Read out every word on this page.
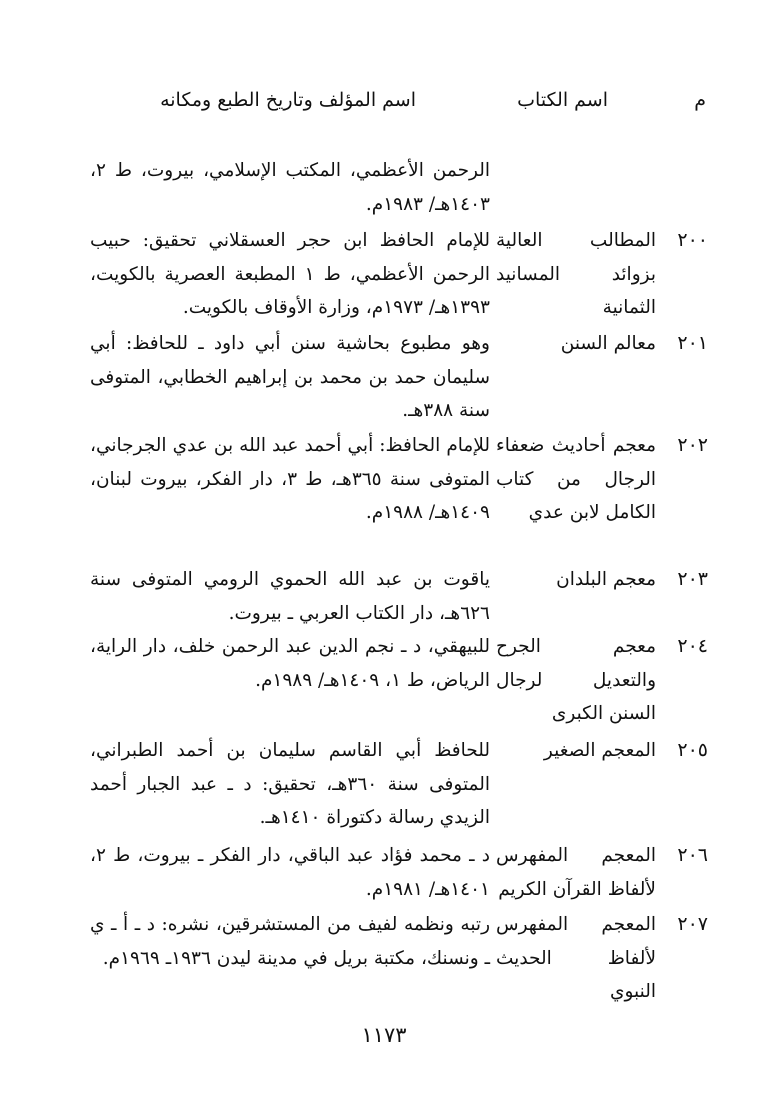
م
اسم الكتاب
اسم المؤلف وتاريخ الطبع ومكانه
الرحمن الأعظمي، المكتب الإسلامي، بيروت، ط ٢، ١٤٠٣هـ/ ١٩٨٣م.
٢٠٠
المطالب العالية بزوائد المسانيد الثمانية
للإمام الحافظ ابن حجر العسقلاني تحقيق: حبيب الرحمن الأعظمي، ط ١ المطبعة العصرية بالكويت، ١٣٩٣هـ/ ١٩٧٣م، وزارة الأوقاف بالكويت.
٢٠١
معالم السنن
وهو مطبوع بحاشية سنن أبي داود ـ للحافظ: أبي سليمان حمد بن محمد بن إبراهيم الخطابي، المتوفى سنة ٣٨٨هـ.
٢٠٢
معجم أحاديث ضعفاء الرجال من كتاب الكامل لابن عدي
للإمام الحافظ: أبي أحمد عبد الله بن عدي الجرجاني، المتوفى سنة ٣٦٥هـ، ط ٣، دار الفكر، بيروت لبنان، ١٤٠٩هـ/ ١٩٨٨م.
٢٠٣
معجم البلدان
ياقوت بن عبد الله الحموي الرومي المتوفى سنة ٦٢٦هـ، دار الكتاب العربي ـ بيروت.
٢٠٤
معجم الجرح والتعديل لرجال السنن الكبرى
للبيهقي، د ـ نجم الدين عبد الرحمن خلف، دار الراية، الرياض، ط ١، ١٤٠٩هـ/ ١٩٨٩م.
٢٠٥
المعجم الصغير
للحافظ أبي القاسم سليمان بن أحمد الطبراني، المتوفى سنة ٣٦٠هـ، تحقيق: د ـ عبد الجبار أحمد الزيدي رسالة دكتوراة ١٤١٠هـ.
٢٠٦
المعجم المفهرس لألفاظ القرآن الكريم
د ـ محمد فؤاد عبد الباقي، دار الفكر ـ بيروت، ط ٢، ١٤٠١هـ/ ١٩٨١م.
٢٠٧
المعجم المفهرس لألفاظ الحديث النبوي
رتبه ونظمه لفيف من المستشرقين، نشره: د ـ أ ـ ي ـ ونسنك، مكتبة بريل في مدينة ليدن ١٩٣٦ـ ١٩٦٩م.
١١٧٣
